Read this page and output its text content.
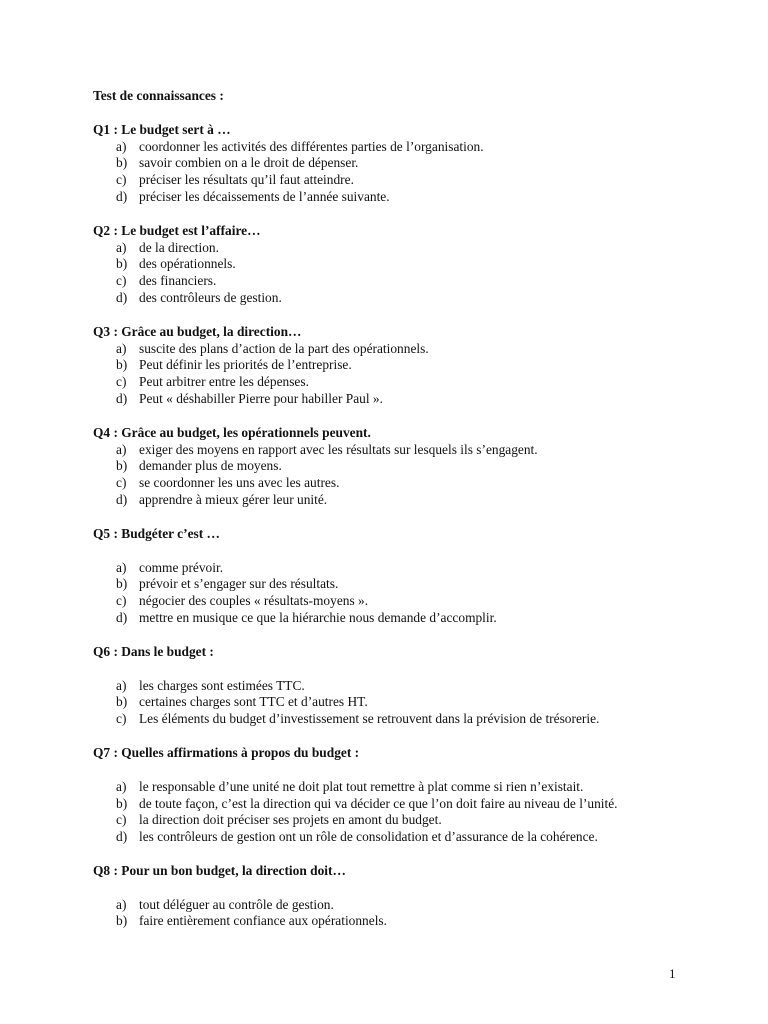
Test de connaissances :
Q1 : Le budget sert à …
a) coordonner les activités des différentes parties de l’organisation.
b) savoir combien on a le droit de dépenser.
c) préciser les résultats qu’il faut atteindre.
d) préciser les décaissements de l’année suivante.
Q2 : Le budget est l’affaire…
a) de la direction.
b) des opérationnels.
c) des financiers.
d) des contrôleurs de gestion.
Q3 : Grâce au budget, la direction…
a) suscite des plans d’action de la part des opérationnels.
b) Peut définir les priorités de l’entreprise.
c) Peut arbitrer entre les dépenses.
d) Peut « déshabiller Pierre pour habiller Paul ».
Q4 : Grâce au budget, les opérationnels peuvent.
a) exiger des moyens en rapport avec les résultats sur lesquels ils s’engagent.
b) demander plus de moyens.
c) se coordonner les uns avec les autres.
d) apprendre à mieux gérer leur unité.
Q5 : Budgéter c’est …
a) comme prévoir.
b) prévoir et s’engager sur des résultats.
c) négocier des couples « résultats-moyens ».
d) mettre en musique ce que la hiérarchie nous demande d’accomplir.
Q6 : Dans le budget :
a) les charges sont estimées TTC.
b) certaines charges sont TTC et d’autres HT.
c) Les éléments du budget d’investissement se retrouvent dans la prévision de trésorerie.
Q7 : Quelles affirmations à propos du budget :
a) le responsable d’une unité ne doit plat tout remettre à plat comme si rien n’existait.
b) de toute façon, c’est la direction qui va décider ce que l’on doit faire au niveau de l’unité.
c) la direction doit préciser ses projets en amont du budget.
d) les contrôleurs de gestion ont un rôle de consolidation et d’assurance de la cohérence.
Q8 : Pour un bon budget, la direction doit…
a) tout déléguer au contrôle de gestion.
b) faire entièrement confiance aux opérationnels.
1
